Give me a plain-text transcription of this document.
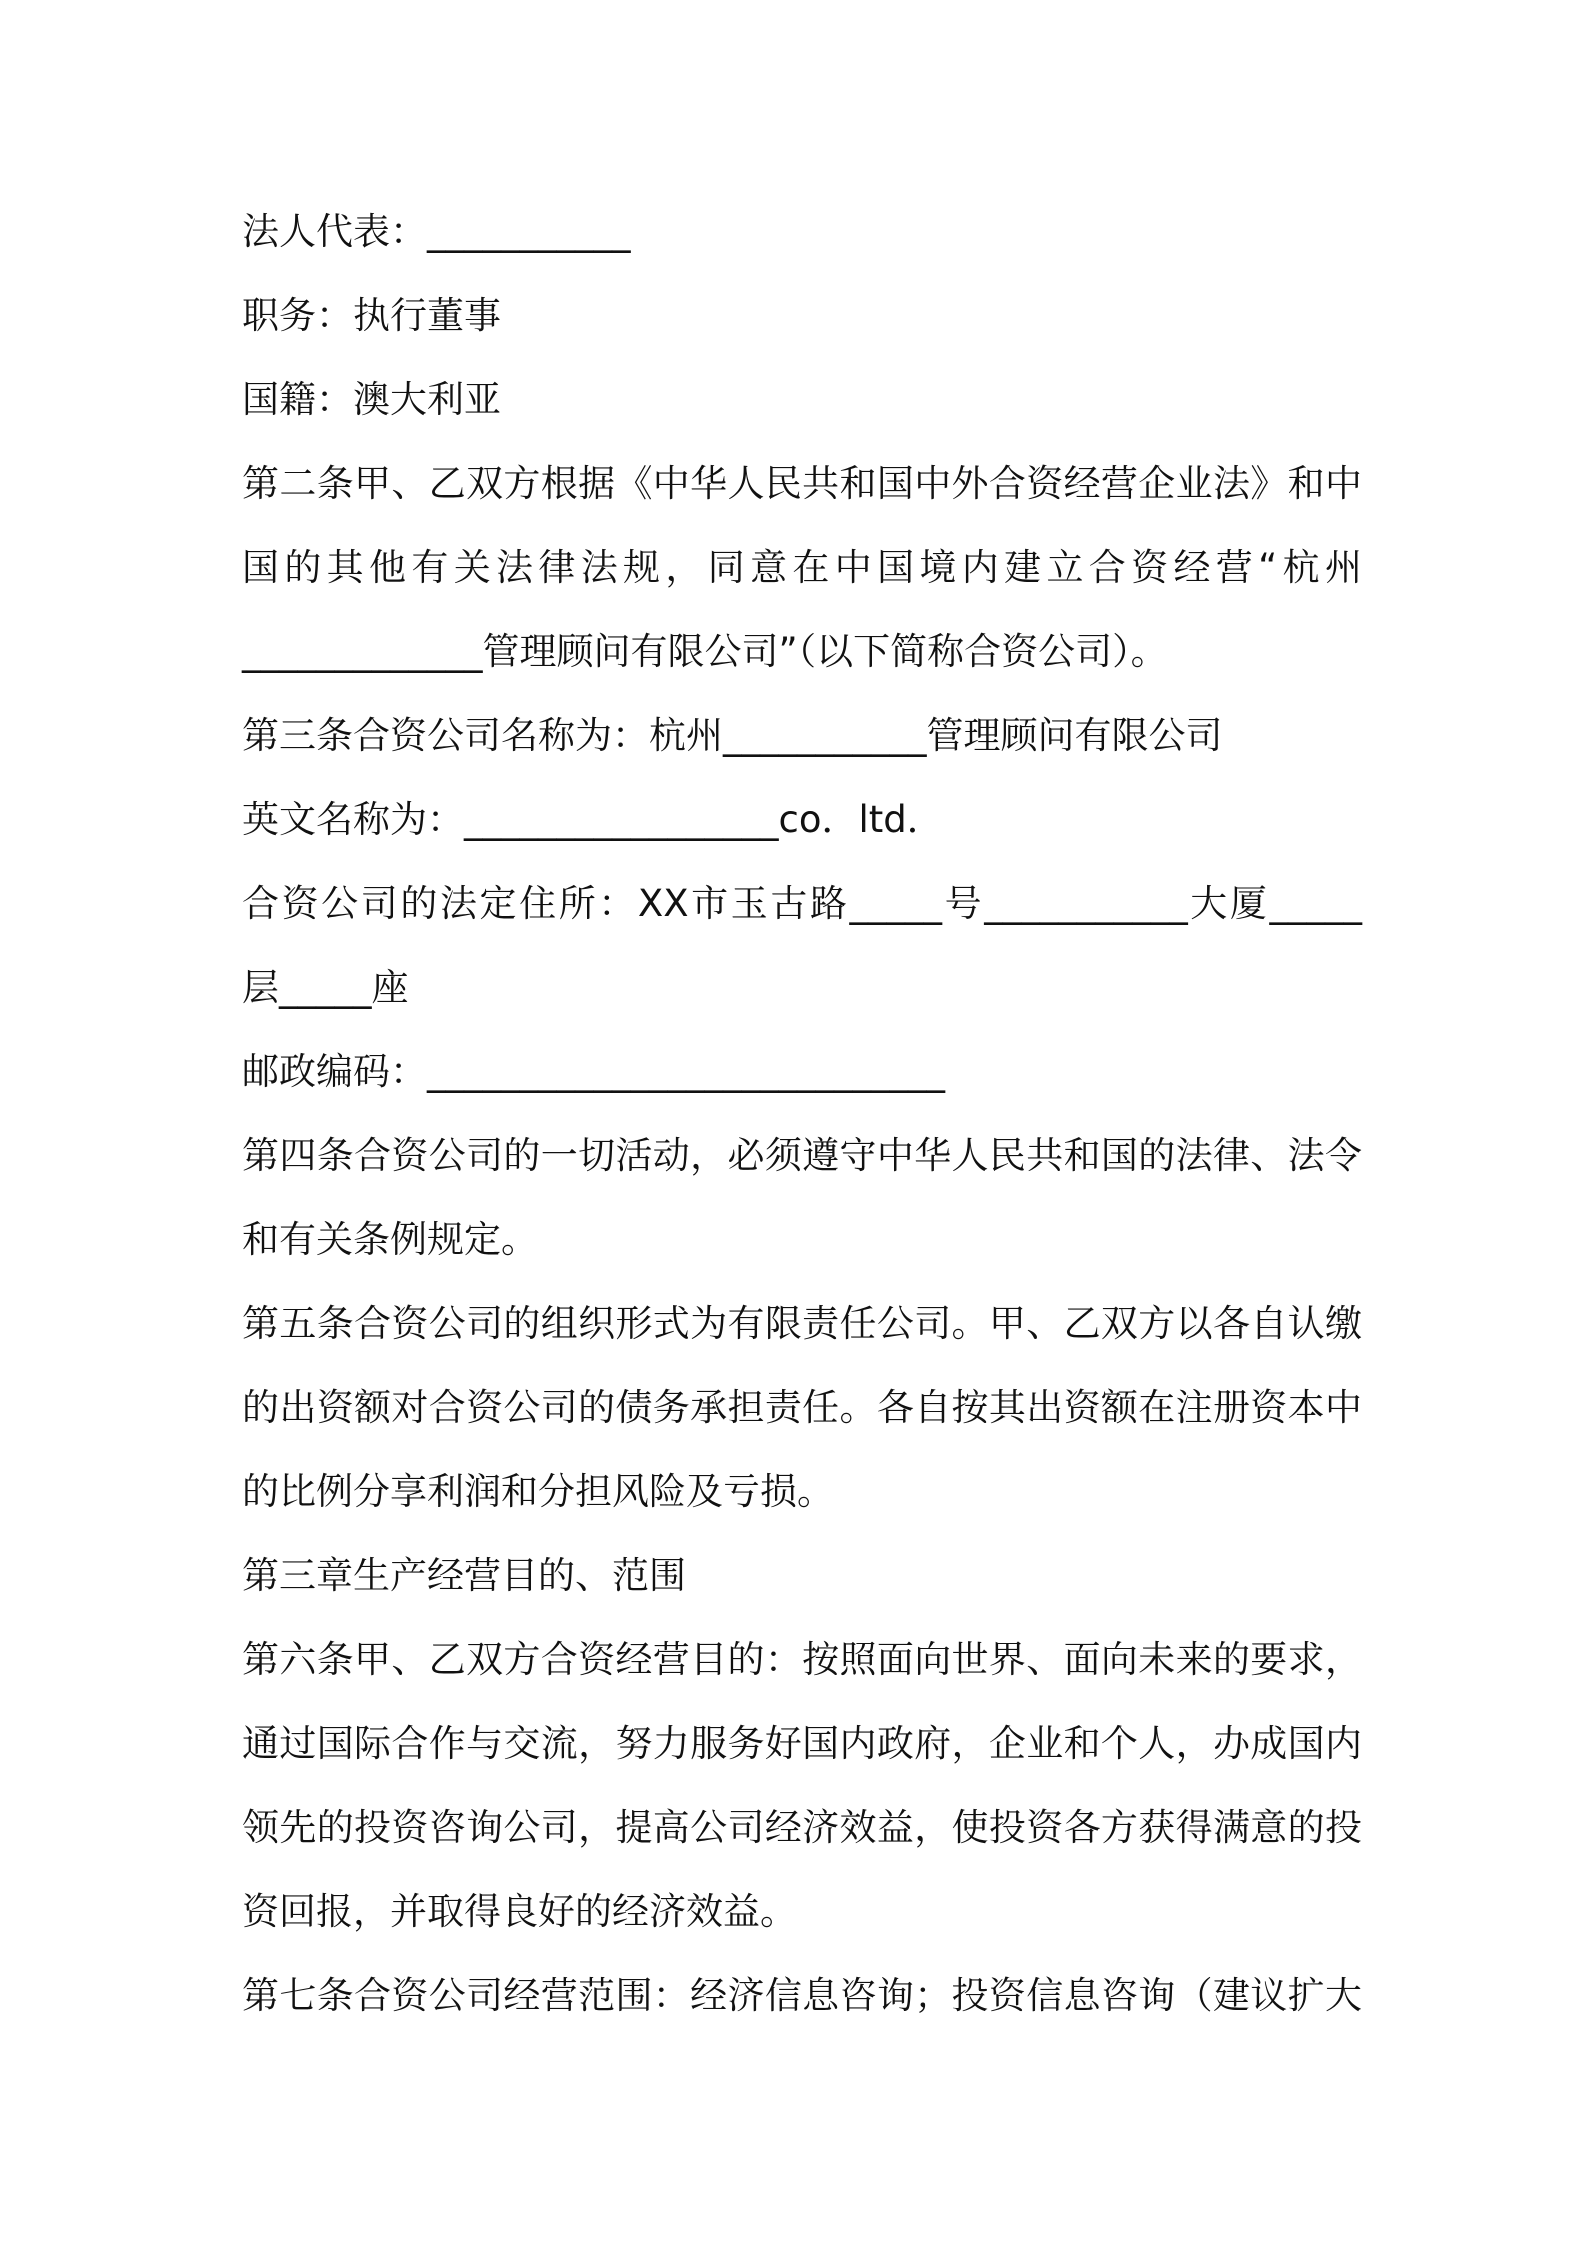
法人代表：___________
职务：执行董事
国籍：澳大利亚
第二条甲、乙双方根据《中华人民共和国中外合资经营企业法》和中
国的其他有关法律法规，同意在中国境内建立合资经营“杭州
_____________管理顾问有限公司”（以下简称合资公司）。
第三条合资公司名称为：杭州___________管理顾问有限公司
英文名称为：_________________co．ltd．
合资公司的法定住所：XX市玉古路_____号___________大厦_____
层_____座
邮政编码：____________________________
第四条合资公司的一切活动，必须遵守中华人民共和国的法律、法令
和有关条例规定。
第五条合资公司的组织形式为有限责任公司。甲、乙双方以各自认缴
的出资额对合资公司的债务承担责任。各自按其出资额在注册资本中
的比例分享利润和分担风险及亏损。
第三章生产经营目的、范围
第六条甲、乙双方合资经营目的：按照面向世界、面向未来的要求，
通过国际合作与交流，努力服务好国内政府，企业和个人，办成国内
领先的投资咨询公司，提高公司经济效益，使投资各方获得满意的投
资回报，并取得良好的经济效益。
第七条合资公司经营范围：经济信息咨询；投资信息咨询（建议扩大
